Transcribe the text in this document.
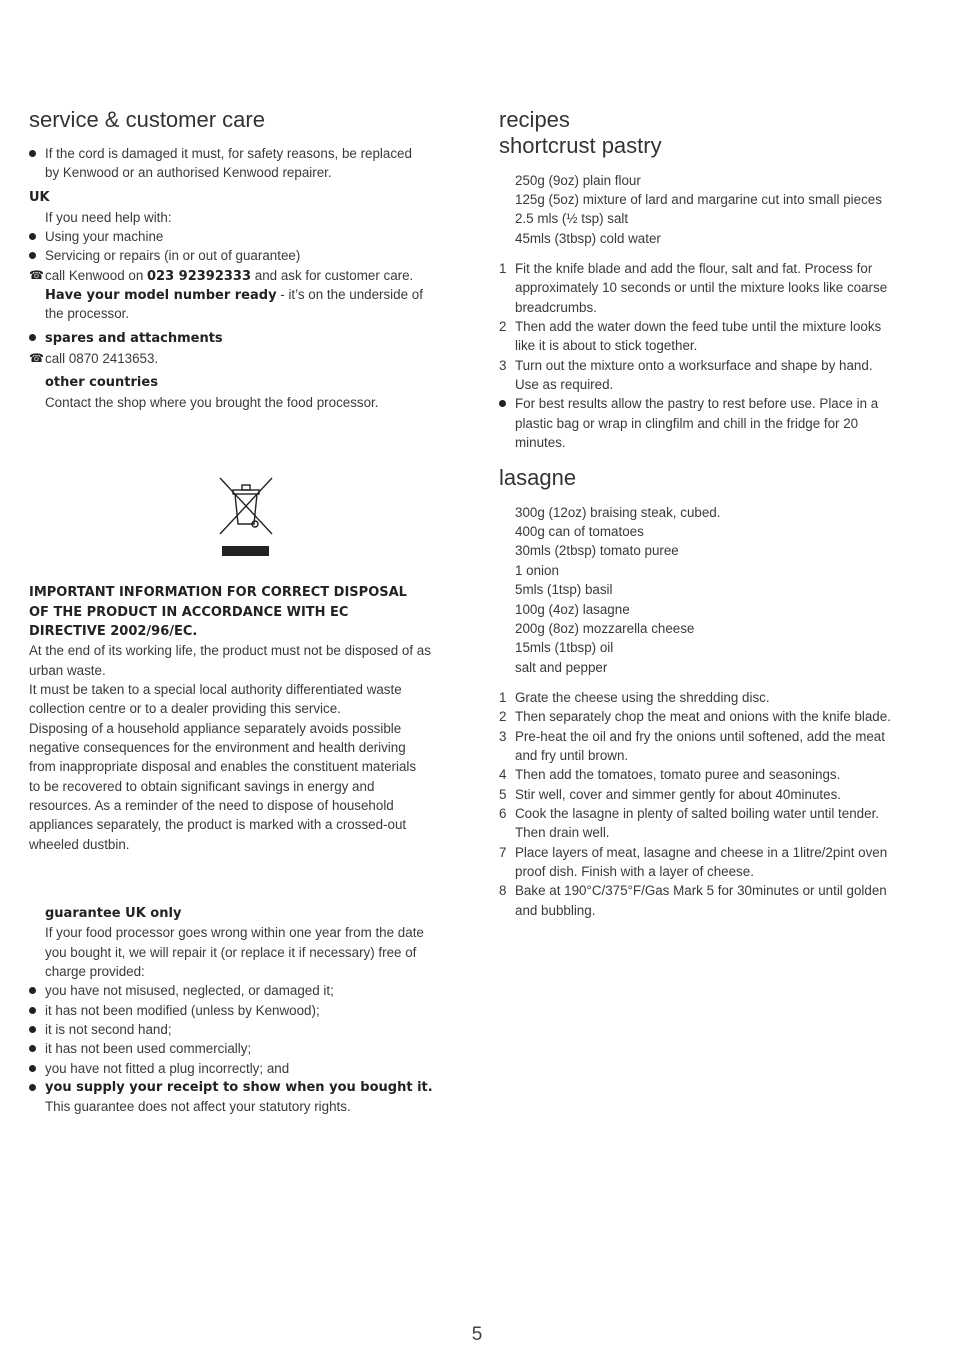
service & customer care
If the cord is damaged it must, for safety reasons, be replaced
by Kenwood or an authorised Kenwood repairer.
UK
If you need help with:
Using your machine
Servicing or repairs (in or out of guarantee)
☎ call Kenwood on 023 92392333 and ask for customer care.
Have your model number ready - it’s on the underside of
the processor.
spares and attachments
☎ call 0870 2413653.
other countries
Contact the shop where you brought the food processor.
IMPORTANT INFORMATION FOR CORRECT DISPOSAL
OF THE PRODUCT IN ACCORDANCE WITH EC
DIRECTIVE 2002/96/EC.
At the end of its working life, the product must not be disposed of as
urban waste.
It must be taken to a special local authority differentiated waste
collection centre or to a dealer providing this service.
Disposing of a household appliance separately avoids possible
negative consequences for the environment and health deriving
from inappropriate disposal and enables the constituent materials
to be recovered to obtain significant savings in energy and
resources. As a reminder of the need to dispose of household
appliances separately, the product is marked with a crossed-out
wheeled dustbin.
guarantee UK only
If your food processor goes wrong within one year from the date
you bought it, we will repair it (or replace it if necessary) free of
charge provided:
you have not misused, neglected, or damaged it;
it has not been modified (unless by Kenwood);
it is not second hand;
it has not been used commercially;
you have not fitted a plug incorrectly; and
you supply your receipt to show when you bought it.
This guarantee does not affect your statutory rights.
recipes
shortcrust pastry
250g (9oz) plain flour
125g (5oz) mixture of lard and margarine cut into small pieces
2.5 mls (½ tsp) salt
45mls (3tbsp) cold water
1 Fit the knife blade and add the flour, salt and fat. Process for
approximately 10 seconds or until the mixture looks like coarse
breadcrumbs.
2 Then add the water down the feed tube until the mixture looks
like it is about to stick together.
3 Turn out the mixture onto a worksurface and shape by hand.
Use as required.
For best results allow the pastry to rest before use. Place in a
plastic bag or wrap in clingfilm and chill in the fridge for 20
minutes.
lasagne
300g (12oz) braising steak, cubed.
400g can of tomatoes
30mls (2tbsp) tomato puree
1 onion
5mls (1tsp) basil
100g (4oz) lasagne
200g (8oz) mozzarella cheese
15mls (1tbsp) oil
salt and pepper
1 Grate the cheese using the shredding disc.
2 Then separately chop the meat and onions with the knife blade.
3 Pre-heat the oil and fry the onions until softened, add the meat
and fry until brown.
4 Then add the tomatoes, tomato puree and seasonings.
5 Stir well, cover and simmer gently for about 40minutes.
6 Cook the lasagne in plenty of salted boiling water until tender.
Then drain well.
7 Place layers of meat, lasagne and cheese in a 1litre/2pint oven
proof dish. Finish with a layer of cheese.
8 Bake at 190°C/375°F/Gas Mark 5 for 30minutes or until golden
and bubbling.
5
